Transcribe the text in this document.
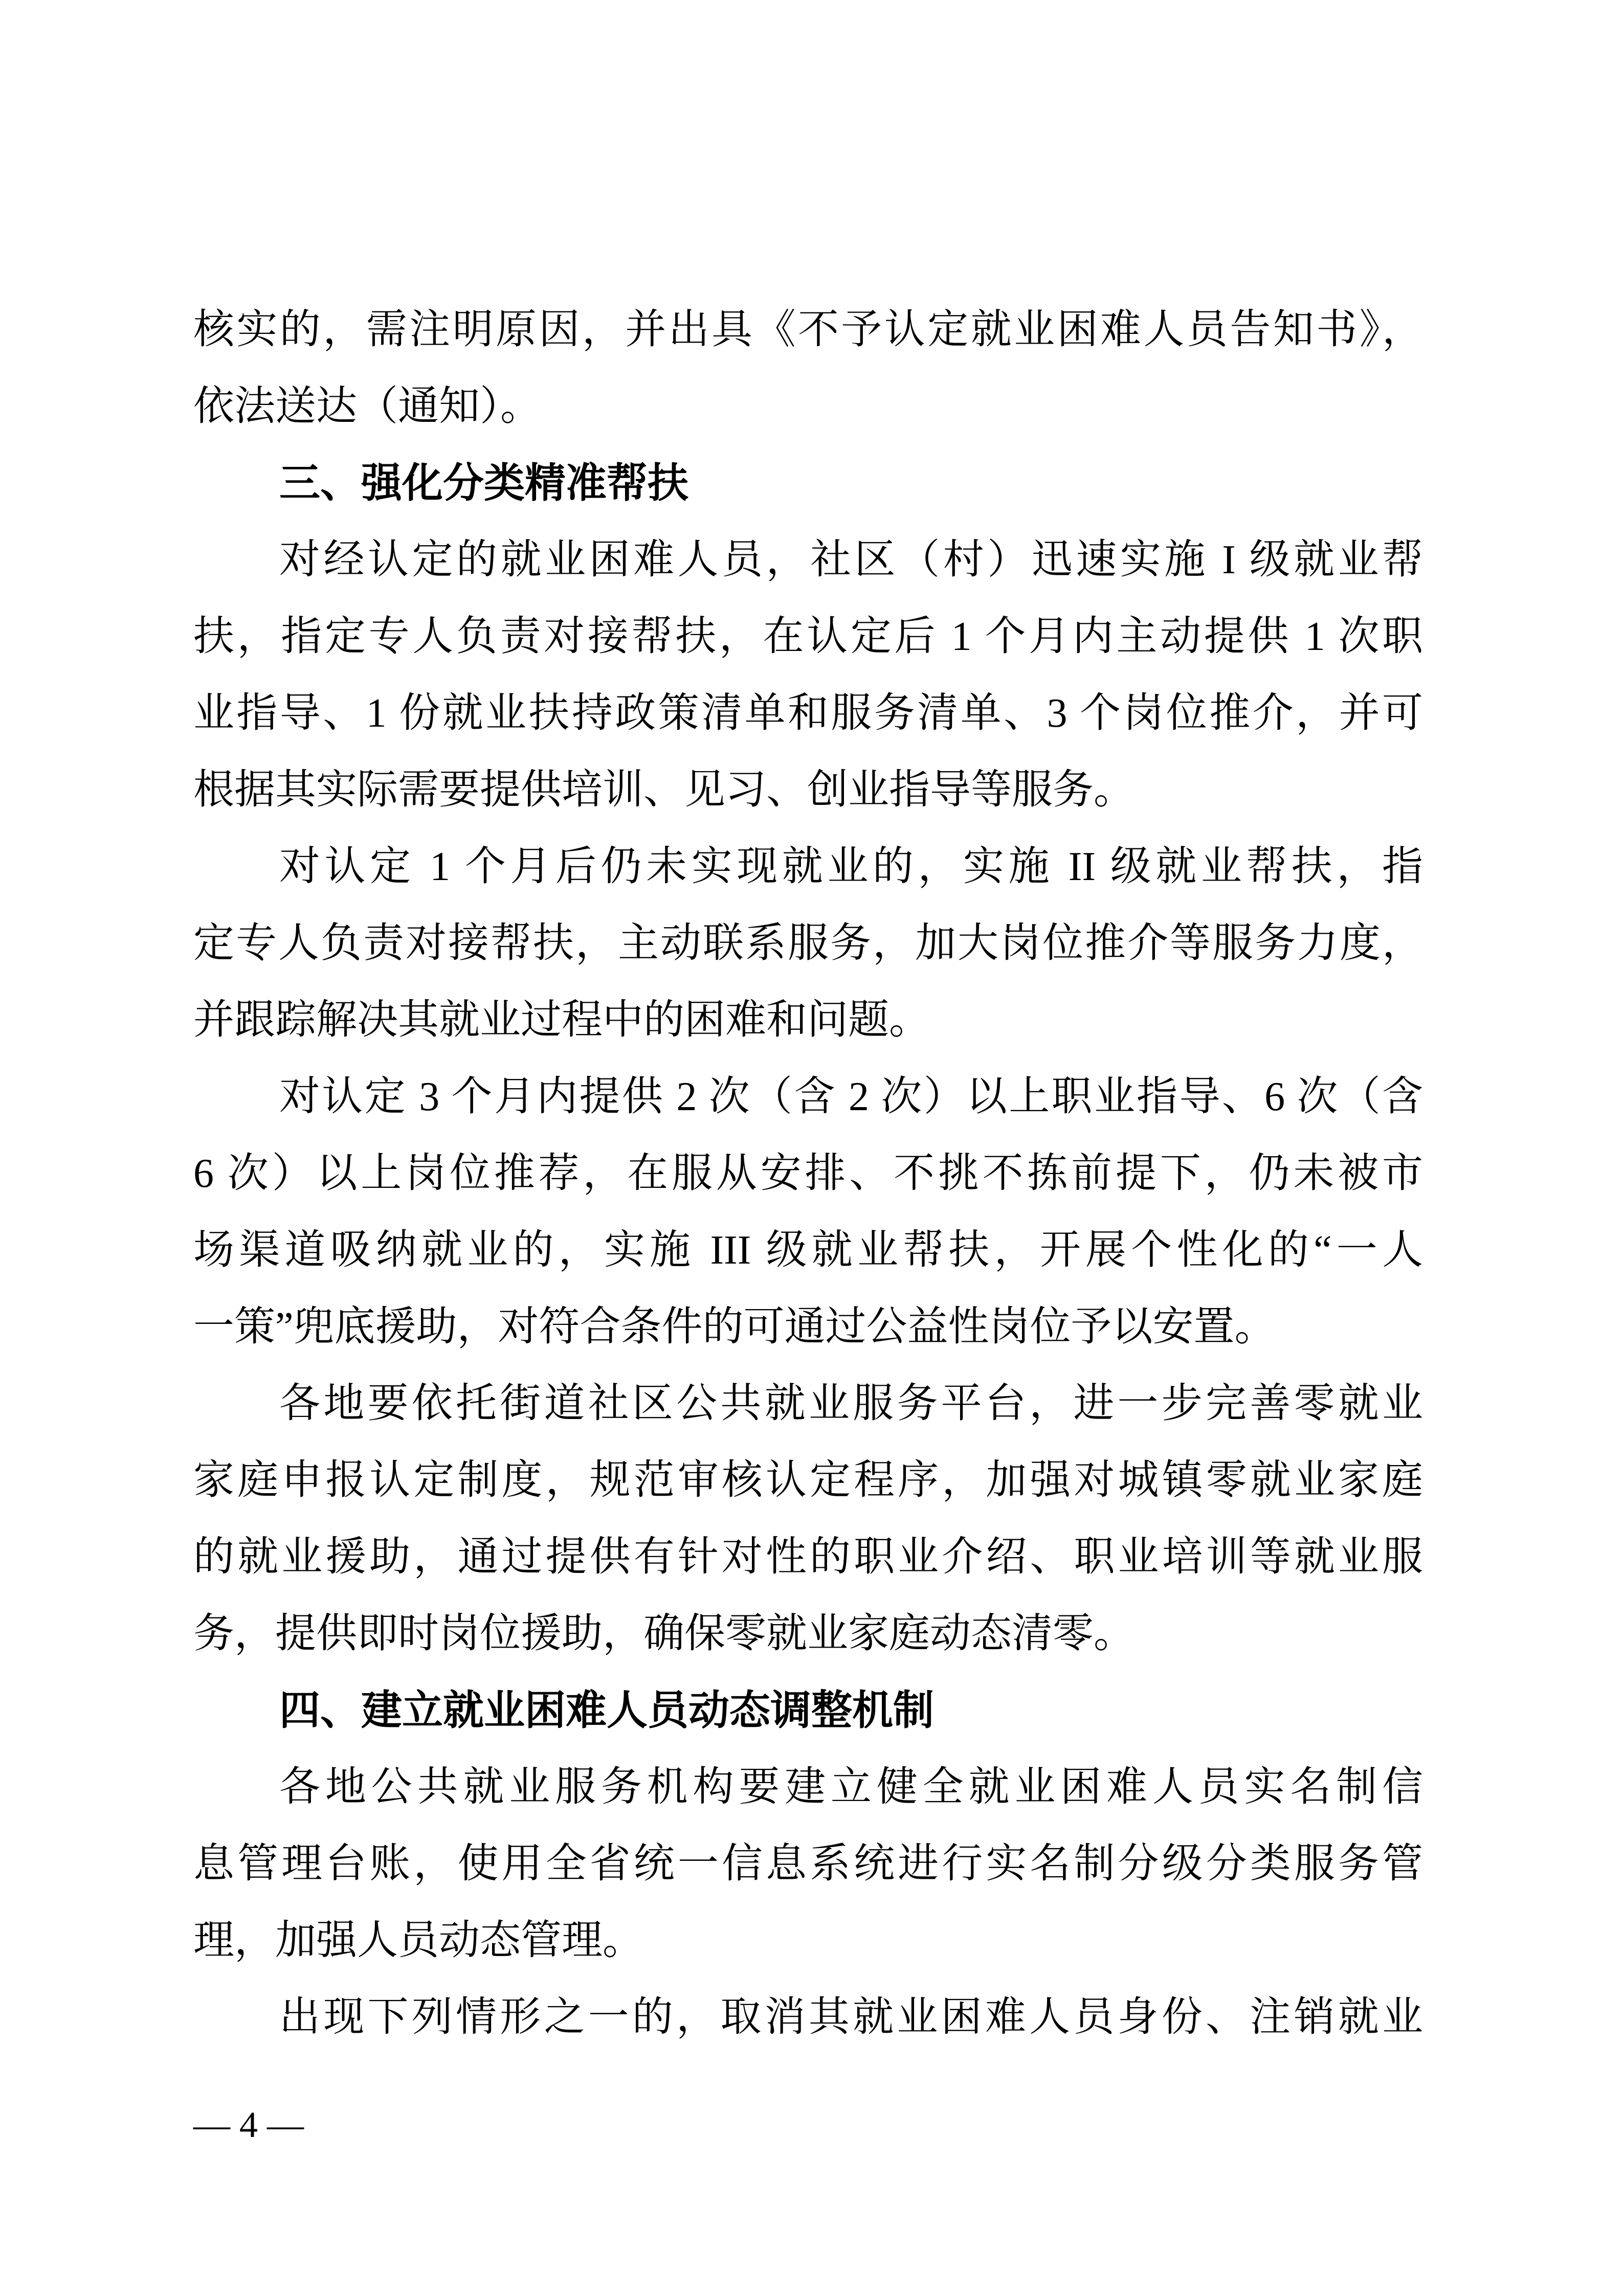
核实的，需注明原因，并出具《不予认定就业困难人员告知书》，
依法送达（通知）。
三、强化分类精准帮扶
对经认定的就业困难人员，社区（村）迅速实施 I 级就业帮
扶，指定专人负责对接帮扶，在认定后 1 个月内主动提供 1 次职
业指导、1 份就业扶持政策清单和服务清单、3 个岗位推介，并可
根据其实际需要提供培训、见习、创业指导等服务。
对认定 1 个月后仍未实现就业的，实施 II 级就业帮扶，指
定专人负责对接帮扶，主动联系服务，加大岗位推介等服务力度，
并跟踪解决其就业过程中的困难和问题。
对认定 3 个月内提供 2 次（含 2 次）以上职业指导、6 次（含
6 次）以上岗位推荐，在服从安排、不挑不拣前提下，仍未被市
场渠道吸纳就业的，实施 III 级就业帮扶，开展个性化的“一人
一策”兜底援助，对符合条件的可通过公益性岗位予以安置。
各地要依托街道社区公共就业服务平台，进一步完善零就业
家庭申报认定制度，规范审核认定程序，加强对城镇零就业家庭
的就业援助，通过提供有针对性的职业介绍、职业培训等就业服
务，提供即时岗位援助，确保零就业家庭动态清零。
四、建立就业困难人员动态调整机制
各地公共就业服务机构要建立健全就业困难人员实名制信
息管理台账，使用全省统一信息系统进行实名制分级分类服务管
理，加强人员动态管理。
出现下列情形之一的，取消其就业困难人员身份、注销就业
— 4 —
